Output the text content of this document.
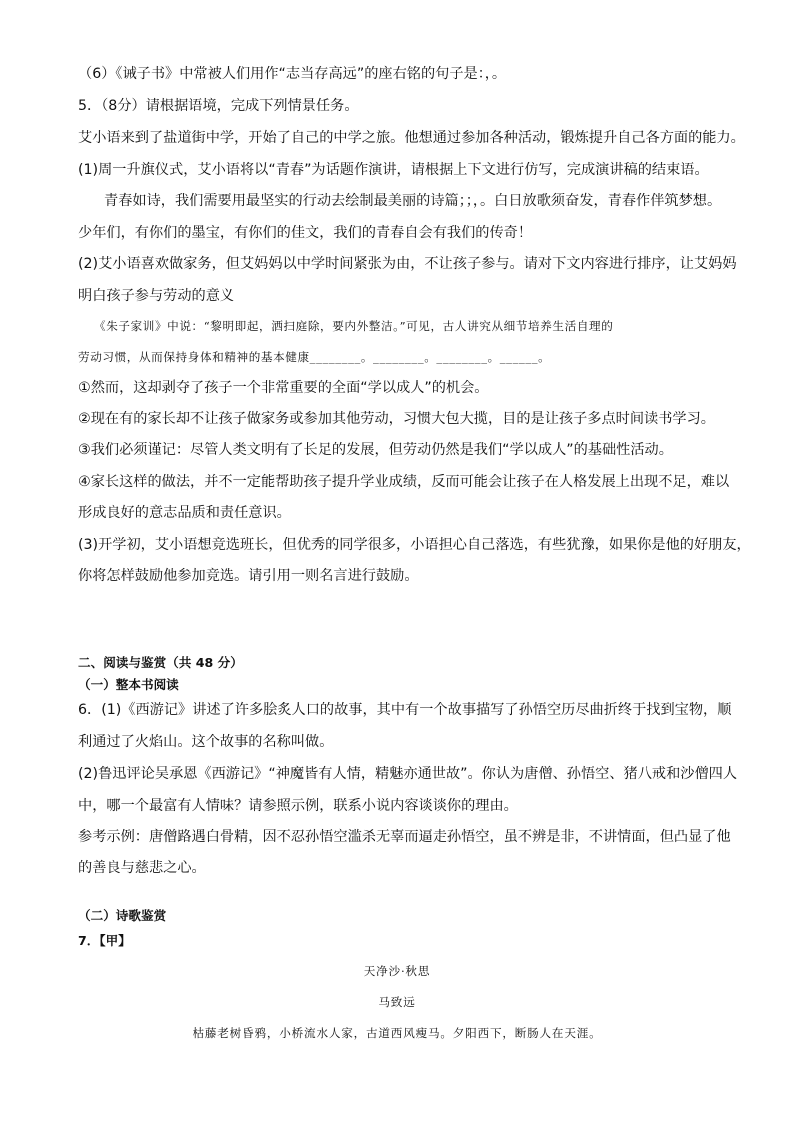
（6）《诫子书》中常被人们用作“志当存高远”的座右铭的句子是：，。
5．（8分）请根据语境，完成下列情景任务。
艾小语来到了盐道街中学，开始了自己的中学之旅。他想通过参加各种活动，锻炼提升自己各方面的能力。
(1)周一升旗仪式，艾小语将以“青春”为话题作演讲，请根据上下文进行仿写，完成演讲稿的结束语。
青春如诗，我们需要用最坚实的行动去绘制最美丽的诗篇；；，。白日放歌须奋发，青春作伴筑梦想。
少年们，有你们的墨宝，有你们的佳文，我们的青春自会有我们的传奇！
(2)艾小语喜欢做家务，但艾妈妈以中学时间紧张为由，不让孩子参与。请对下文内容进行排序，让艾妈妈
明白孩子参与劳动的意义
《朱子家训》中说：“黎明即起，洒扫庭除，要内外整洁。”可见，古人讲究从细节培养生活自理的
劳动习惯，从而保持身体和精神的基本健康________。________。________。______。
①然而，这却剥夺了孩子一个非常重要的全面“学以成人”的机会。
②现在有的家长却不让孩子做家务或参加其他劳动，习惯大包大揽，目的是让孩子多点时间读书学习。
③我们必须谨记：尽管人类文明有了长足的发展，但劳动仍然是我们“学以成人”的基础性活动。
④家长这样的做法，并不一定能帮助孩子提升学业成绩，反而可能会让孩子在人格发展上出现不足，难以
形成良好的意志品质和责任意识。
(3)开学初，艾小语想竞选班长，但优秀的同学很多，小语担心自己落选，有些犹豫，如果你是他的好朋友，
你将怎样鼓励他参加竞选。请引用一则名言进行鼓励。
二、阅读与鉴赏（共 48 分）
（一）整本书阅读
6．(1)《西游记》讲述了许多脍炙人口的故事，其中有一个故事描写了孙悟空历尽曲折终于找到宝物，顺
利通过了火焰山。这个故事的名称叫做。
(2)鲁迅评论吴承恩《西游记》“神魔皆有人情，精魅亦通世故”。你认为唐僧、孙悟空、猪八戒和沙僧四人
中，哪一个最富有人情味？请参照示例，联系小说内容谈谈你的理由。
参考示例：唐僧路遇白骨精，因不忍孙悟空滥杀无辜而逼走孙悟空，虽不辨是非，不讲情面，但凸显了他
的善良与慈悲之心。
（二）诗歌鉴赏
7．【甲】
天净沙·秋思
马致远
枯藤老树昏鸦，小桥流水人家，古道西风瘦马。夕阳西下，断肠人在天涯。
